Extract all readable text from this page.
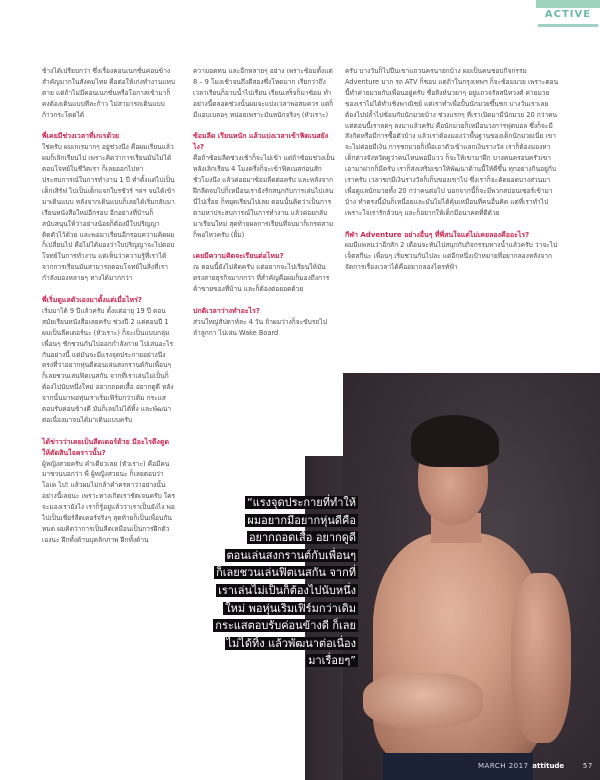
ACTIVE

ช้างได้เปรียบกว่า ซึ่งเรื่องคอนเนกชั่นค่อนข้างสำคัญมากในสังคมไทย คือต่อให้เก่งทำงานแทบตาย แต่ถ้าไม่มีคอนเนกชั่นหรือโอกาสเข้ามาก็คงต้องเดินแบบทีละก้าว ไม่สามารถเดินแบบก้าวกระโดดได้

พี่เคยมีช่วงเวลาที่เกเรด้วย

ใช่ครับ ผมเกเรมากๆ อยู่ช่วงนึง คือผมเรียนแล้วผมก็เลิกเรียนไป เพราะคิดว่าการเรียนมันไม่ได้ตอบโจทย์ในชีวิตเรา ก็เลยออกไปหาประสบการณ์ในการทำงาน 1 ปี ทำตั้งแต่ไปเป็นเด็กเสิร์ฟ ไปเป็นเด็กแจกใบรชัวร์ ฯลฯ จนได้เข้ามาเดินแบบ หลังจากเดินแบบก็เลยได้เริ่มกลับมาเรียนหนังสือใหม่อีกรอบ อีกอย่างที่บ้านก็สนับสนุนให้ว่าอย่างน้อยก็ต้องมีใบปริญญาติดตัวไว้ด้วย และพอมาเรียนอีกรอบความคิดผมก็เปลี่ยนไป คือไม่ได้มองว่าใบปริญญาจะไปตอบโจทย์ในการทำงาน แต่เห็นว่าความรู้ที่เราได้จากการเรียนมันสามารถตอบโจทย์ในสิ่งที่เรากำลังมองหลายๆ ทางได้มากกว่า

พี่เริ่มดูแลตัวเองมาตั้งแต่เมื่อไหร่?

เริ่มมาได้ 9 ปีแล้วครับ ตั้งแต่อายุ 19 ปี ตอนสมัยเรียนหนังสือเลยครับ ช่วงปี 2 แต่ตอนปี 1 ผมเป็นลีดเดอร์นะ (หัวเราะ) ก็จะเป็นแบบกลุ่มเพื่อนๆ ชักชวนกันไปออกกำลังกาย ไปเล่นอะไรกันอย่างนี้ แต่มันจะมีแรงจุดประกายอย่างนึงตรงที่ว่าอยากหุ่นดีตอนเล่นสงกรานต์กับเพื่อนๆ ก็เลยชวนเล่นฟิตเนสกัน จากที่เราเล่นไม่เป็นก็ต้องไปนับหนึ่งใหม่ อยากถอดเสื้อ อยากดูดี หลังจากนั้นมาพอหุ่นเราเริ่มเฟิร์มกว่าเดิม กระแสตอบรับค่อนข้างดี มันก็เลยไม่ได้ทิ้ง และพัฒนาต่อเนื่องมาจนได้มาเดินแบบครับ

ได้ข่าวว่าเคยเป็นลีดเดอร์ด้วย มีอะไรดึงดูดให้ตัดสินใจคราวนั้น?

ผู้หญิงสวยครับ คำเดียวเลย (หัวเราะ) คือมีคนมาชวนบอกว่า พี่ ผู้หญิงสวยนะ ก็เลยตอบว่า โอเค ไป! แล้วผมไม่กล้าคำครหาว่าอย่างนั้นอย่างนี้เลยนะ เพราะทางเกิดเราชัดเจนครับ ใครจะมองเรายังไง เราก็รู้อยู่แล้วว่าเราเป็นยังไง พอไปเป็นเชียร์ลีดเดอร์จริงๆ สุดท้ายก็เป็นเพื่อนกันหมด ผมคิดว่าการเป็นลีดเหมือนเป็นการฝึกตัวเองนะ ฝึกทั้งด้านบุคลิกภาพ ฝึกทั้งด้าน

ความอดทน และอีกหลายๆ อย่าง เพราะซ้อมตั้งแต่ 8 – 9 โมงเช้าจนถึงตีสองซึ่งโหดมาก เรียกว่าถึงเวลาเรียนก็อาบน้ำไปเรียน เรียนเสร็จก็มาซ้อม ทำอย่างนี้ตลอดช่วงนั้นผมจะแบ่งเวลาพอสมควร แต่ก็มีแอบเบลอๆ หน่อยเพราะมันหนักจริงๆ (หัวเราะ)

ซ้อมลีด เรียนหนัก แล้วแบ่งเวลาเข้าฟิตเนสยังไง?

คือถ้าซ้อมลีดช่วงเช้าก็จะไม่เข้า แต่ถ้าซ้อมช่วงเย็น หลังเลิกเรียน 4 โมงครึ่งก็จะเข้าฟิตเนสก่อนสักชั่วโมงนึง แล้วค่อยมาซ้อมลีดต่อครับ และหลังจากฝึกลีดจบไปก็เหมือนเรายังรักสนุกกับการเล่นไปเล่นนี่ไปเรื่อย ก็หยุดเรียนไปเลย ตอนนั้นคิดว่าเป็นการตามหาประสบการณ์ในการทำงาน แล้วค่อยกลับมาเรียนใหม่ สุดท้ายผลการเรียนที่จบมาก็เกรดสาม ก็พอไหวครับ (ยิ้ม)

เคยมีความคิดจะเรียนต่อไหม?

ณ ตอนนี้ยังไม่คิดครับ แต่อยากจะไปเรียนให้มันตรงสายธุรกิจมากกว่า ที่สำคัญคือผมก็มองถึงการค้าขายของที่บ้าน และก็ต้องต่อยอดด้วย

ปกติเวลาว่างทำอะไร?

ส่วนใหญ่สัปดาห์ละ 4 วัน ถ้าผมว่างก็จะขับรถไปลำลูกกา ไปเล่น Wake Board

ครับ บางวันก็ไปปีนเขาแถวนครนายกบ้าง ผมเป็นคนชอบกิจกรรม Adventure มาก รถ ATV ก็ชอบ แต่ถ้าในกรุงเทพฯ ก็จะซ้อมมวย เพราะตอนนี้ทำค่ายมวยกับเพื่อนอยู่ครับ ชื่อสิงห์นวยาๆ อยู่แถวจรัลสนิทวงศ์ ค่ายมวยของเราไม่ได้ทำเชิงพาณิชย์ แต่เราทำเพื่อปั้นนักมวยขึ้นชก บางวันเราเลยต้องไปปล้ำไปซ้อมกับนักมวยบ้าง ช่วงแรกๆ ที่เราเปิดมามีนักมวย 20 กว่าคน แต่ตอนนี้เราลดๆ ลงมาแล้วครับ คือนักมวยก็เหมือนวงการฟุตบอล ซึ่งก็จะมีสังกัดหรือมีการซื้อตัวบ้าง แล้วเราต้องมองว่าพื้นฐานของเด็กนักมวยเนี่ย เขาจะไม่ค่อยมีเงิน การชกมวยก็เพื่อเอาตัวเข้าแลกเงินรางวัล เราก็ต้องมองหาเด็กต่างจังหวัดดูว่าคนไหนพอมีแวว ก็จะให้เขามาฝึก บางคนครอบครัวเขาเอามาฝากก็มีครับ เราก็ส่งเสริมเขาให้พัฒนาด้านนี้ให้ดีขึ้น ทุกอย่างกินอยู่กับเราครับ เวลาชกมีเงินรางวัลก็เก็บของเขาไป ซึ่งเราก็จะตัดยอดบางส่วนมาเพื่อดูแลนักมวยทั้ง 20 กว่าคนต่อไป นอกจากนี้ก็จะมีพวกสปอนเซอร์เข้ามาบ้าง ทำตรงนี้มันก็เหนื่อยและมันไม่ได้คุ้มเหมือนที่คนอื่นคิด แต่ที่เราทำไปเพราะใจเรารักล้วนๆ และก็อยากให้เด็กมีอนาคตที่ดีด้วย

กีฬา Adventure อย่างอื่นๆ ที่พี่สนใจแต่ไม่เคยลองคืออะไร?

ผมมีแพลนว่าอีกสัก 2 เดือนจะหันไปสนุกกับกิจกรรมทางน้ำแล้วครับ ว่าจะไปเจ็ตสกีนะ เพื่อนๆ เริ่มชวนกันไปละ แต่อีกหนึ่งเป้าหมายที่อยากลองหลังจากจัดการเรื่องเวลาได้คืออยากลองไดรท์ฟ้า

“แรงจุดประกายที่ทำให้
ผมอยากมีอยากหุ่นดีคือ
อยากถอดเสื้อ อยากดูดี
ตอนเล่นสงกรานต์กับเพื่อนๆ
ก็เลยชวนเล่นฟิตเนสกัน จากที่
เราเล่นไม่เป็นก็ต้องไปนับหนึ่ง
ใหม่ พอหุ่นเริ่มเฟิร์มกว่าเดิม
กระแสตอบรับค่อนข้างดี ก็เลย
ไม่ได้ทิ้ง แล้วพัฒนาต่อเนื่อง
มาเรื่อยๆ”
MARCH 2017 attitude	57
